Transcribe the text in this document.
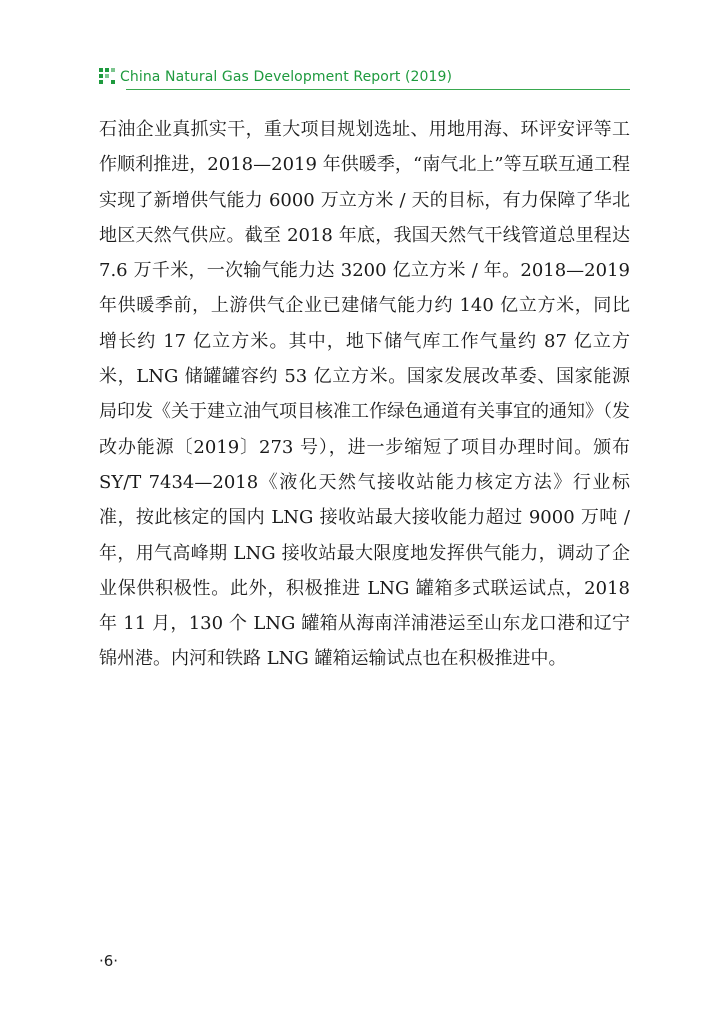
China Natural Gas Development Report (2019)

石油企业真抓实干，重大项目规划选址、用地用海、环评安评等工作顺利推进，2018—2019 年供暖季，“南气北上”等互联互通工程实现了新增供气能力 6000 万立方米 / 天的目标，有力保障了华北地区天然气供应。截至 2018 年底，我国天然气干线管道总里程达 7.6 万千米，一次输气能力达 3200 亿立方米 / 年。2018—2019 年供暖季前，上游供气企业已建储气能力约 140 亿立方米，同比增长约 17 亿立方米。其中，地下储气库工作气量约 87 亿立方米，LNG 储罐罐容约 53 亿立方米。国家发展改革委、国家能源局印发《关于建立油气项目核准工作绿色通道有关事宜的通知》（发改办能源〔2019〕273 号），进一步缩短了项目办理时间。颁布 SY/T 7434—2018《液化天然气接收站能力核定方法》行业标准，按此核定的国内 LNG 接收站最大接收能力超过 9000 万吨 / 年，用气高峰期 LNG 接收站最大限度地发挥供气能力，调动了企业保供积极性。此外，积极推进 LNG 罐箱多式联运试点，2018 年 11 月，130 个 LNG 罐箱从海南洋浦港运至山东龙口港和辽宁锦州港。内河和铁路 LNG 罐箱运输试点也在积极推进中。

·6·
